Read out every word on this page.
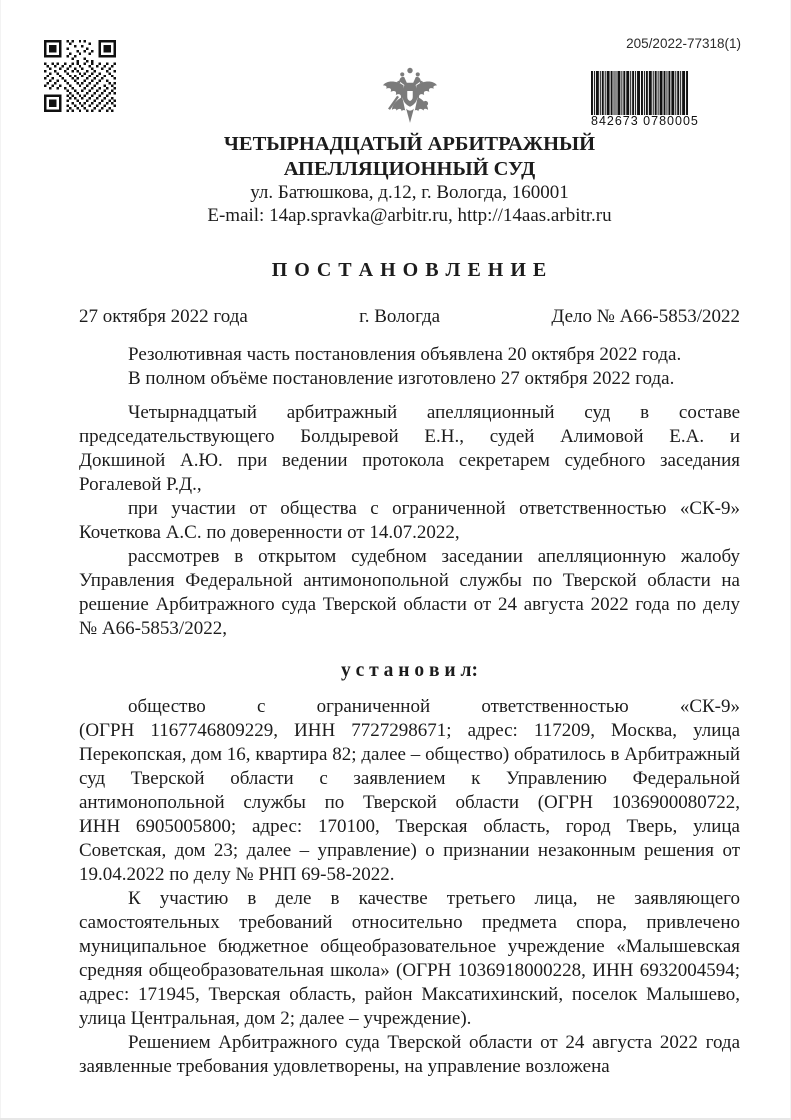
205/2022-77318(1)
842673 0780005
ЧЕТЫРНАДЦАТЫЙ АРБИТРАЖНЫЙ
АПЕЛЛЯЦИОННЫЙ СУД
ул. Батюшкова, д.12, г. Вологда, 160001
E-mail: 14ap.spravka@arbitr.ru, http://14aas.arbitr.ru
П О С Т А Н О В Л Е Н И Е
27 октября 2022 года	г. Вологда	Дело № А66-5853/2022

Резолютивная часть постановления объявлена 20 октября 2022 года.

В полном объёме постановление изготовлено 27 октября 2022 года.

Четырнадцатый арбитражный апелляционный суд в составе председательствующего Болдыревой Е.Н., судей Алимовой Е.А. и Докшиной А.Ю. при ведении протокола секретарем судебного заседания Рогалевой Р.Д.,

при участии от общества с ограниченной ответственностью «СК-9» Кочеткова А.С. по доверенности от 14.07.2022,

рассмотрев в открытом судебном заседании апелляционную жалобу Управления Федеральной антимонопольной службы по Тверской области на решение Арбитражного суда Тверской области от 24 августа 2022 года по делу № А66-5853/2022,

у с т а н о в и л:

общество с ограниченной ответственностью «СК-9» (ОГРН 1167746809229, ИНН 7727298671; адрес: 117209, Москва, улица Перекопская, дом 16, квартира 82; далее – общество) обратилось в Арбитражный суд Тверской области с заявлением к Управлению Федеральной антимонопольной службы по Тверской области (ОГРН 1036900080722, ИНН 6905005800; адрес: 170100, Тверская область, город Тверь, улица Советская, дом 23; далее – управление) о признании незаконным решения от 19.04.2022 по делу № РНП 69-58-2022.

К участию в деле в качестве третьего лица, не заявляющего самостоятельных требований относительно предмета спора, привлечено муниципальное бюджетное общеобразовательное учреждение «Малышевская средняя общеобразовательная школа» (ОГРН 1036918000228, ИНН 6932004594; адрес: 171945, Тверская область, район Максатихинский, поселок Малышево, улица Центральная, дом 2; далее – учреждение).

Решением Арбитражного суда Тверской области от 24 августа 2022 года заявленные требования удовлетворены, на управление возложена
